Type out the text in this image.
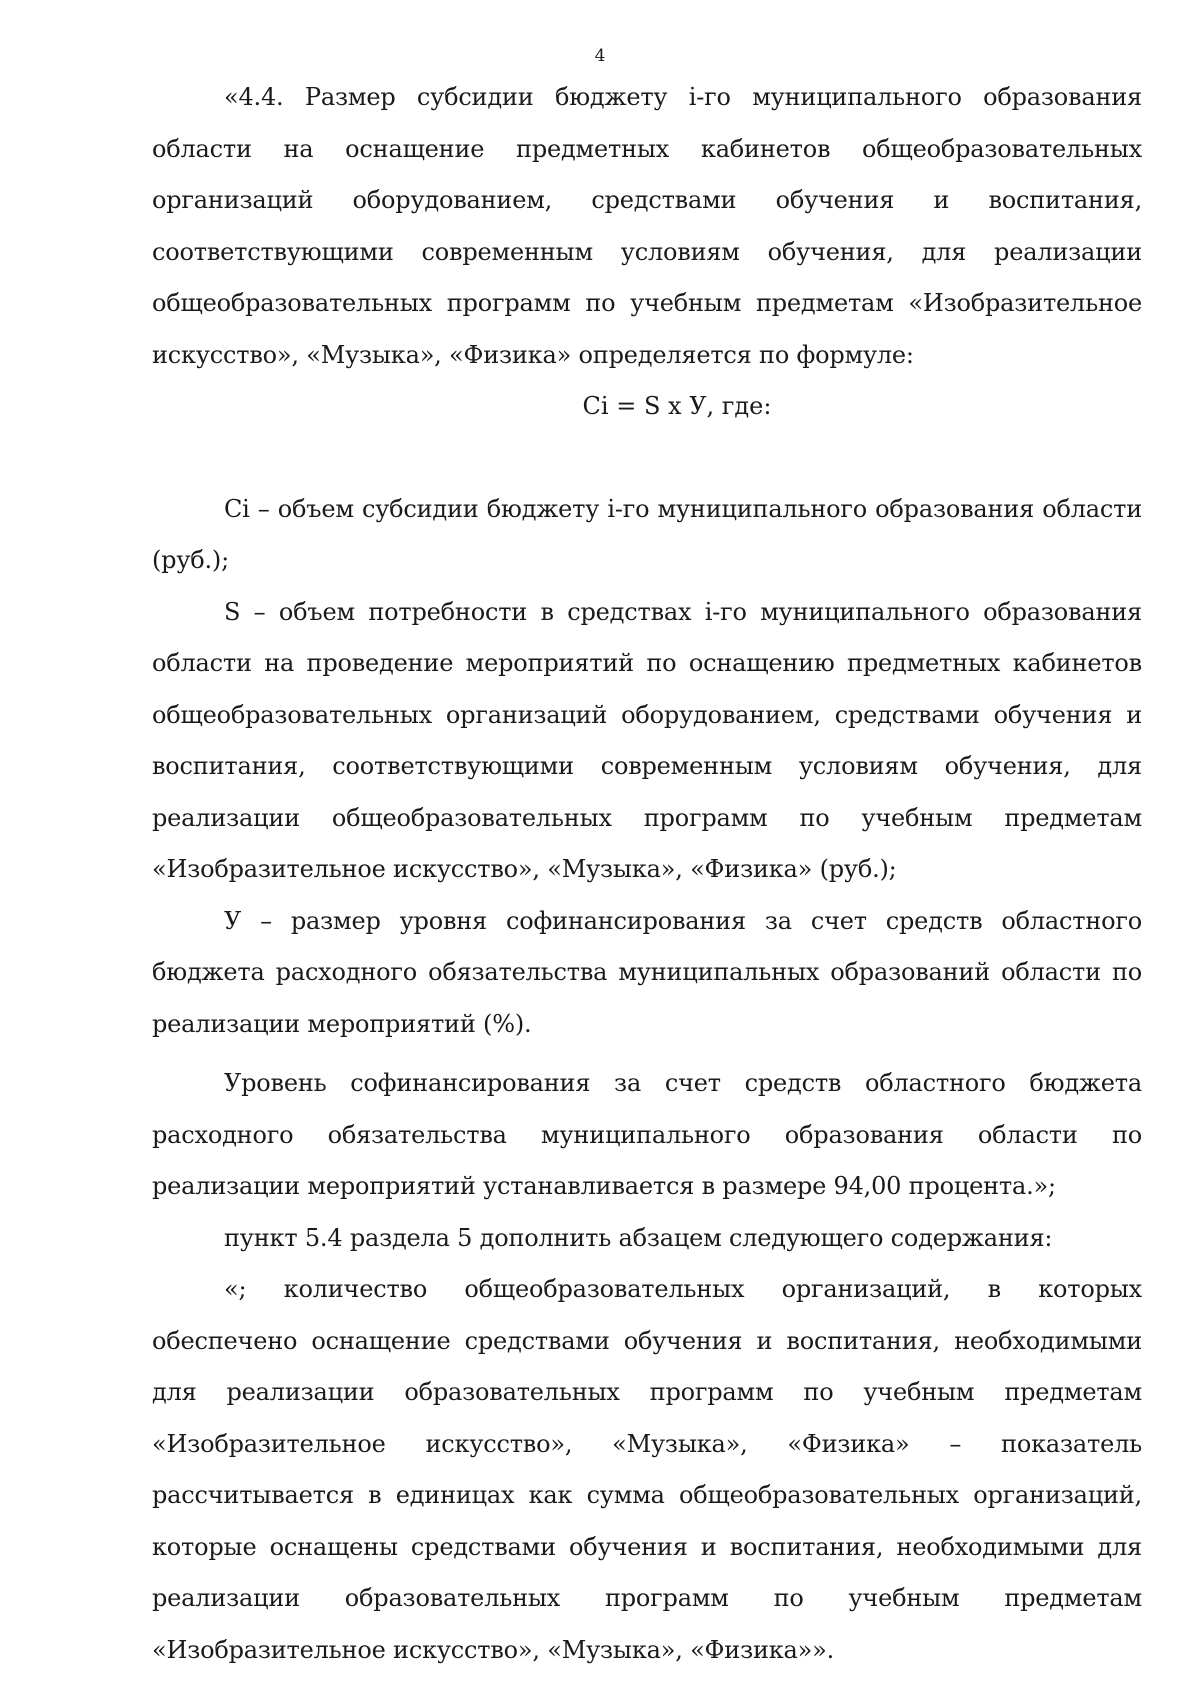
4

«4.4. Размер субсидии бюджету i-го муниципального образования области на оснащение предметных кабинетов общеобразовательных организаций оборудованием, средствами обучения и воспитания, соответствующими современным условиям обучения, для реализации общеобразовательных программ по учебным предметам «Изобразительное искусство», «Музыка», «Физика» определяется по формуле:

Ci = S x У, где:

Ci – объем субсидии бюджету i-го муниципального образования области (руб.);

S – объем потребности в средствах i-го муниципального образования области на проведение мероприятий по оснащению предметных кабинетов общеобразовательных организаций оборудованием, средствами обучения и воспитания, соответствующими современным условиям обучения, для реализации общеобразовательных программ по учебным предметам «Изобразительное искусство», «Музыка», «Физика» (руб.);

У – размер уровня софинансирования за счет средств областного бюджета расходного обязательства муниципальных образований области по реализации мероприятий (%).

Уровень софинансирования за счет средств областного бюджета расходного обязательства муниципального образования области по реализации мероприятий устанавливается в размере 94,00 процента.»;

пункт 5.4 раздела 5 дополнить абзацем следующего содержания:

«; количество общеобразовательных организаций, в которых обеспечено оснащение средствами обучения и воспитания, необходимыми для реализации образовательных программ по учебным предметам «Изобразительное искусство», «Музыка», «Физика» – показатель рассчитывается в единицах как сумма общеобразовательных организаций, которые оснащены средствами обучения и воспитания, необходимыми для реализации образовательных программ по учебным предметам «Изобразительное искусство», «Музыка», «Физика»».
